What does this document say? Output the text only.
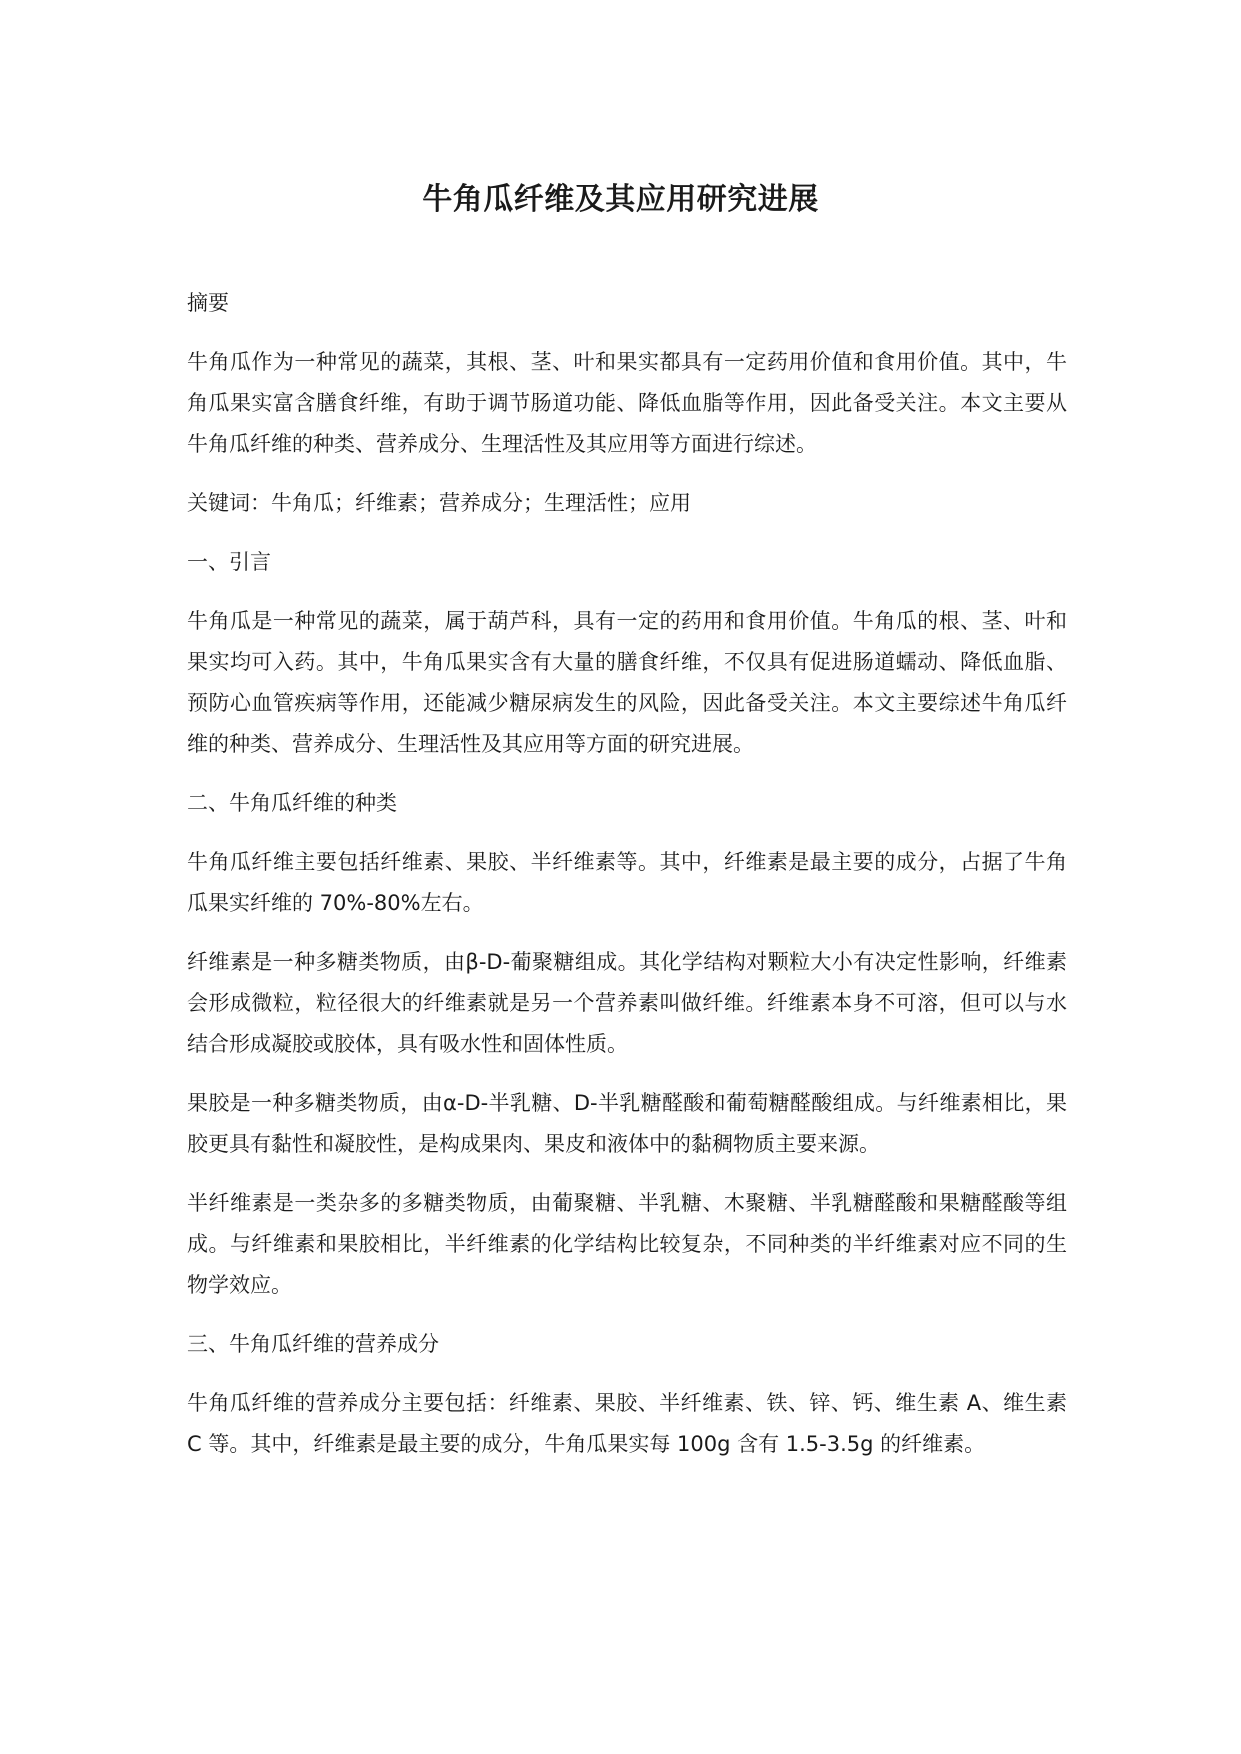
牛角瓜纤维及其应用研究进展

摘要

牛角瓜作为一种常见的蔬菜，其根、茎、叶和果实都具有一定药用价值和食用价值。其中，牛角瓜果实富含膳食纤维，有助于调节肠道功能、降低血脂等作用，因此备受关注。本文主要从牛角瓜纤维的种类、营养成分、生理活性及其应用等方面进行综述。

关键词：牛角瓜；纤维素；营养成分；生理活性；应用

一、引言

牛角瓜是一种常见的蔬菜，属于葫芦科，具有一定的药用和食用价值。牛角瓜的根、茎、叶和果实均可入药。其中，牛角瓜果实含有大量的膳食纤维，不仅具有促进肠道蠕动、降低血脂、预防心血管疾病等作用，还能减少糖尿病发生的风险，因此备受关注。本文主要综述牛角瓜纤维的种类、营养成分、生理活性及其应用等方面的研究进展。

二、牛角瓜纤维的种类

牛角瓜纤维主要包括纤维素、果胶、半纤维素等。其中，纤维素是最主要的成分，占据了牛角瓜果实纤维的 70%-80%左右。

纤维素是一种多糖类物质，由β-D-葡聚糖组成。其化学结构对颗粒大小有决定性影响，纤维素会形成微粒，粒径很大的纤维素就是另一个营养素叫做纤维。纤维素本身不可溶，但可以与水结合形成凝胶或胶体，具有吸水性和固体性质。

果胶是一种多糖类物质，由α-D-半乳糖、D-半乳糖醛酸和葡萄糖醛酸组成。与纤维素相比，果胶更具有黏性和凝胶性，是构成果肉、果皮和液体中的黏稠物质主要来源。

半纤维素是一类杂多的多糖类物质，由葡聚糖、半乳糖、木聚糖、半乳糖醛酸和果糖醛酸等组成。与纤维素和果胶相比，半纤维素的化学结构比较复杂，不同种类的半纤维素对应不同的生物学效应。

三、牛角瓜纤维的营养成分

牛角瓜纤维的营养成分主要包括：纤维素、果胶、半纤维素、铁、锌、钙、维生素 A、维生素 C 等。其中，纤维素是最主要的成分，牛角瓜果实每 100g 含有 1.5-3.5g 的纤维素。
